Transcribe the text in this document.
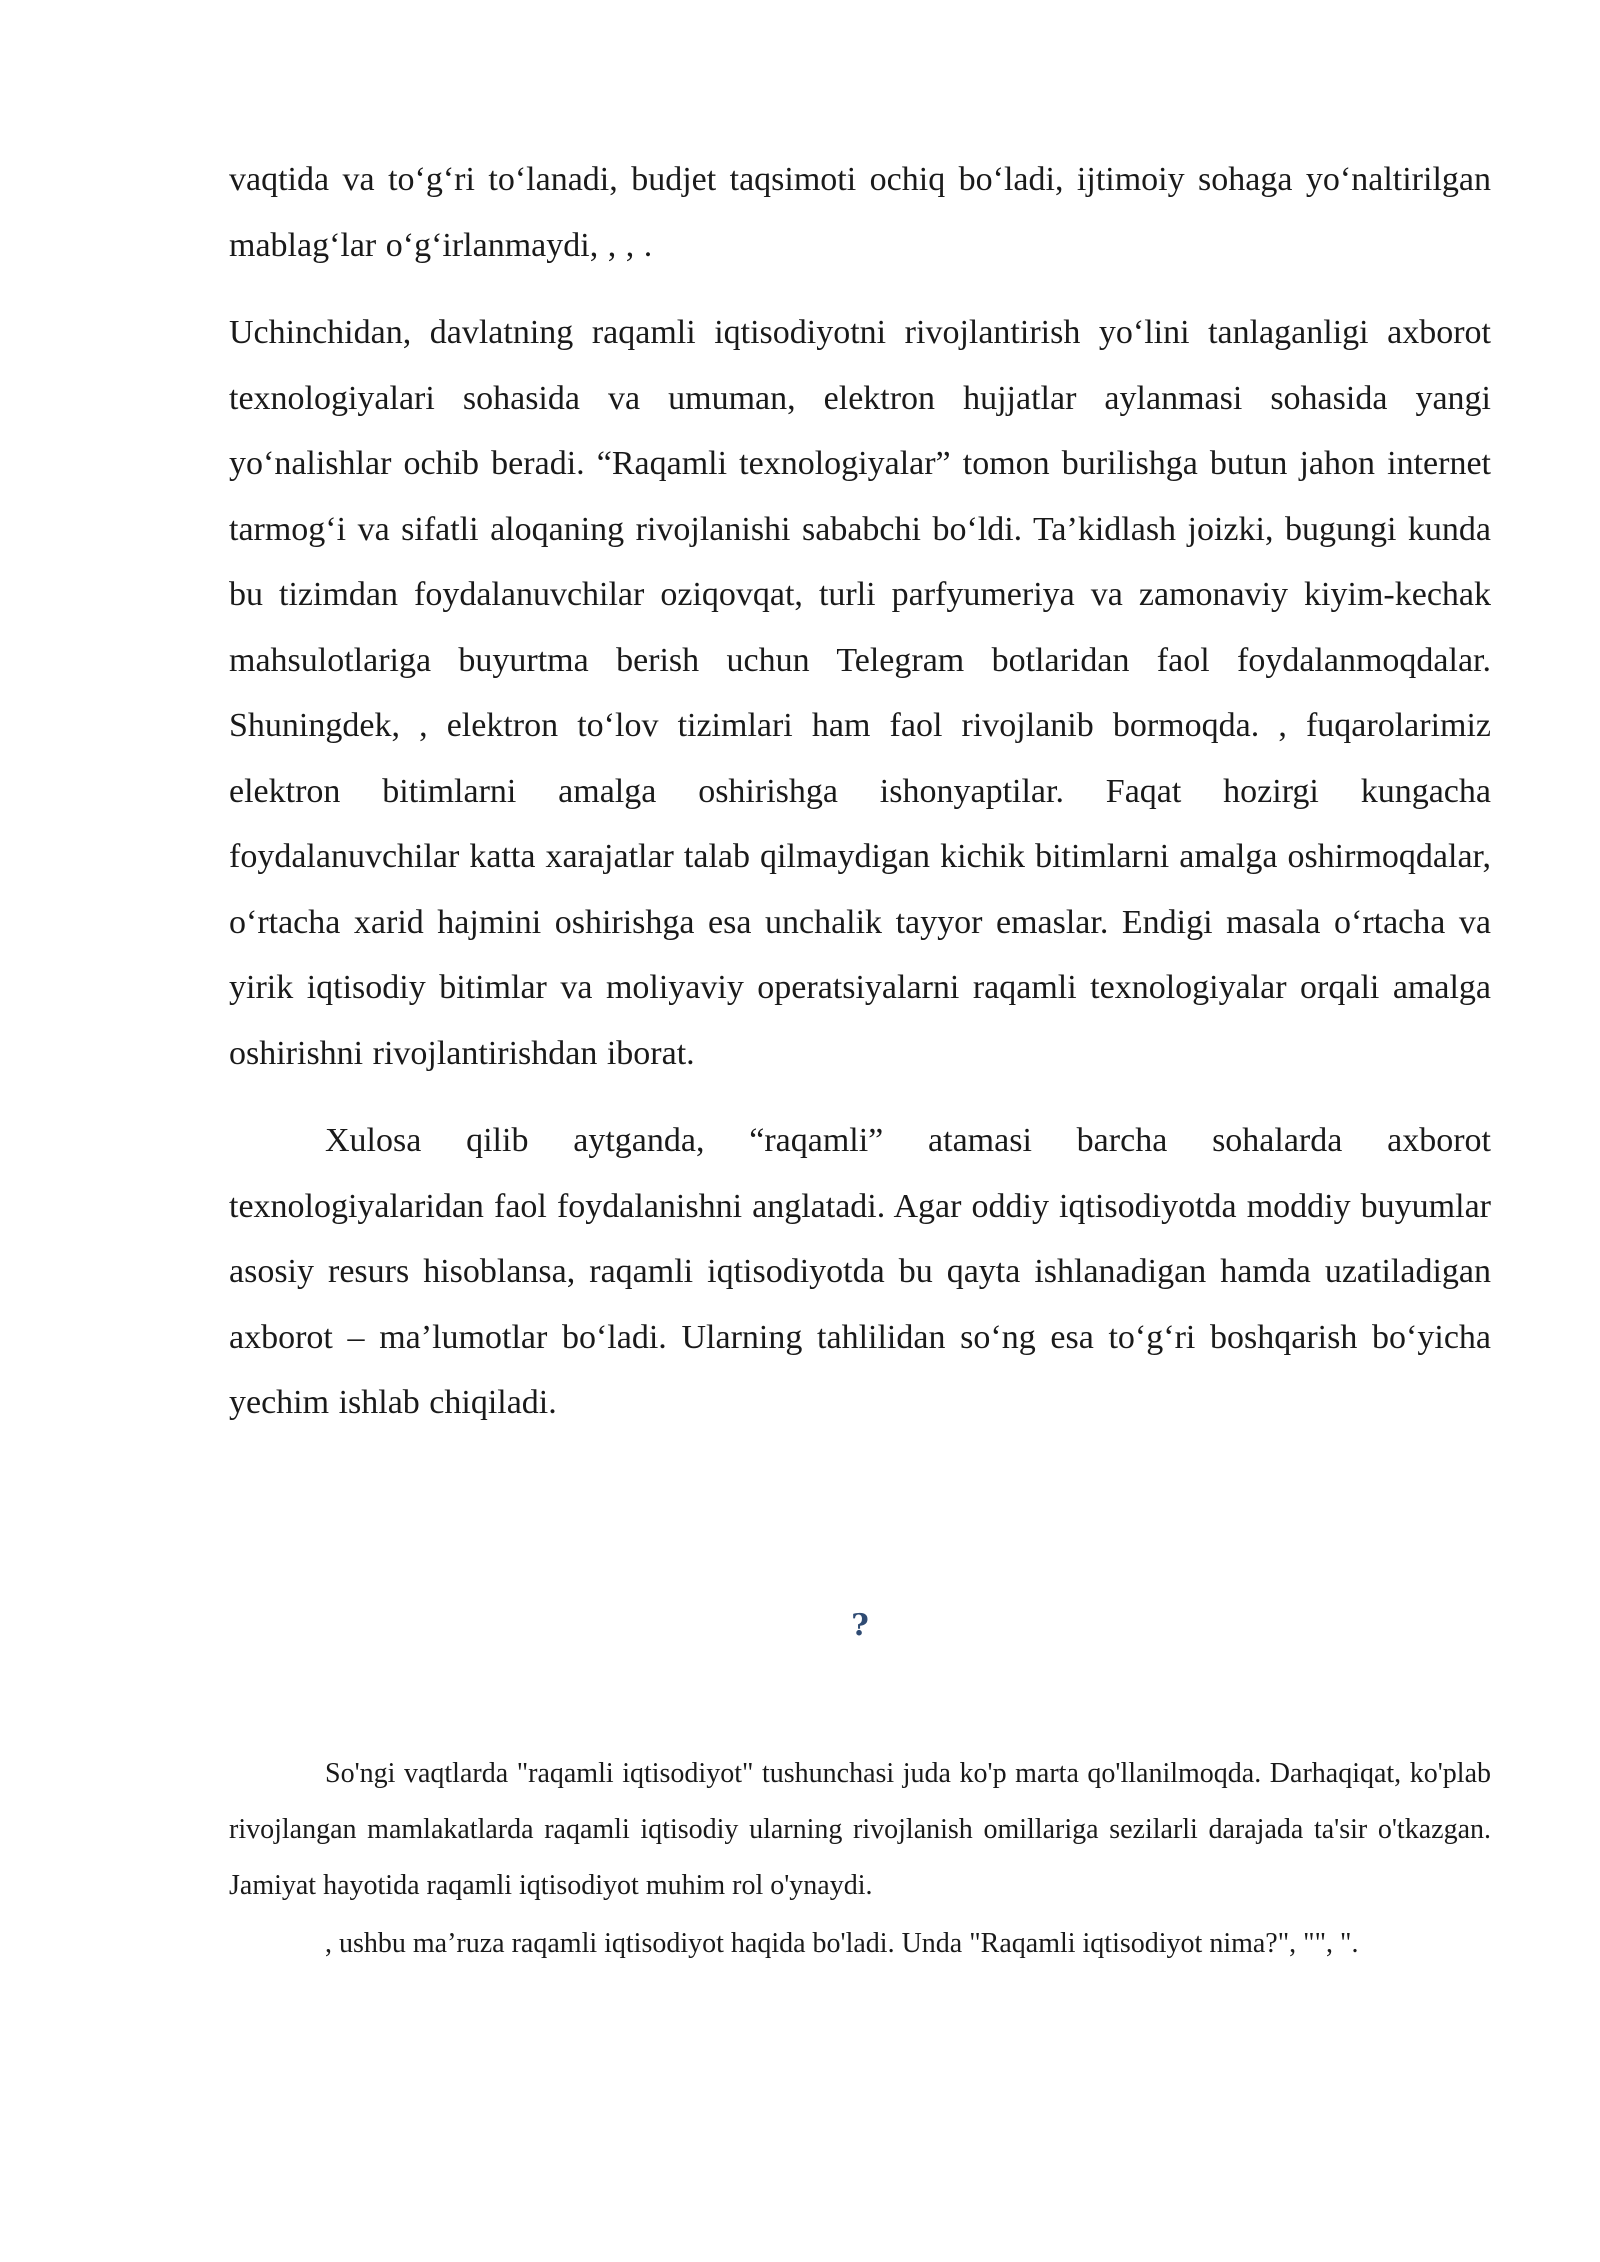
vaqtida va to‘g‘ri to‘lanadi, budjet taqsimoti ochiq bo‘ladi, ijtimoiy sohaga yo‘naltirilgan mablag‘lar o‘g‘irlanmaydi, , , .

Uchinchidan, davlatning raqamli iqtisodiyotni rivojlantirish yo‘lini tanlaganligi axborot texnologiyalari sohasida va umuman, elektron hujjatlar aylanmasi sohasida yangi yo‘nalishlar ochib beradi. “Raqamli texnologiyalar” tomon burilishga butun jahon internet tarmog‘i va sifatli aloqaning rivojlanishi sababchi bo‘ldi. Ta’kidlash joizki, bugungi kunda bu tizimdan foydalanuvchilar oziqovqat, turli parfyumeriya va zamonaviy kiyim-kechak mahsulotlariga buyurtma berish uchun Telegram botlaridan faol foydalanmoqdalar. Shuningdek, , elektron to‘lov tizimlari ham faol rivojlanib bormoqda. , fuqarolarimiz elektron bitimlarni amalga oshirishga ishonyaptilar. Faqat hozirgi kungacha foydalanuvchilar katta xarajatlar talab qilmaydigan kichik bitimlarni amalga oshirmoqdalar, o‘rtacha xarid hajmini oshirishga esa unchalik tayyor emaslar. Endigi masala o‘rtacha va yirik iqtisodiy bitimlar va moliyaviy operatsiyalarni raqamli texnologiyalar orqali amalga oshirishni rivojlantirishdan iborat.

Xulosa qilib aytganda, “raqamli” atamasi barcha sohalarda axborot texnologiyalaridan faol foydalanishni anglatadi. Agar oddiy iqtisodiyotda moddiy buyumlar asosiy resurs hisoblansa, raqamli iqtisodiyotda bu qayta ishlanadigan hamda uzatiladigan axborot – ma’lumotlar bo‘ladi. Ularning tahlilidan so‘ng esa to‘g‘ri boshqarish bo‘yicha yechim ishlab chiqiladi.

?

So'ngi vaqtlarda "raqamli iqtisodiyot" tushunchasi juda ko'p marta qo'llanilmoqda. Darhaqiqat, ko'plab rivojlangan mamlakatlarda raqamli iqtisodiy ularning rivojlanish omillariga sezilarli darajada ta'sir o'tkazgan. Jamiyat hayotida raqamli iqtisodiyot muhim rol o'ynaydi.

, ushbu ma’ruza raqamli iqtisodiyot haqida bo'ladi. Unda "Raqamli iqtisodiyot nima?", "", ".
